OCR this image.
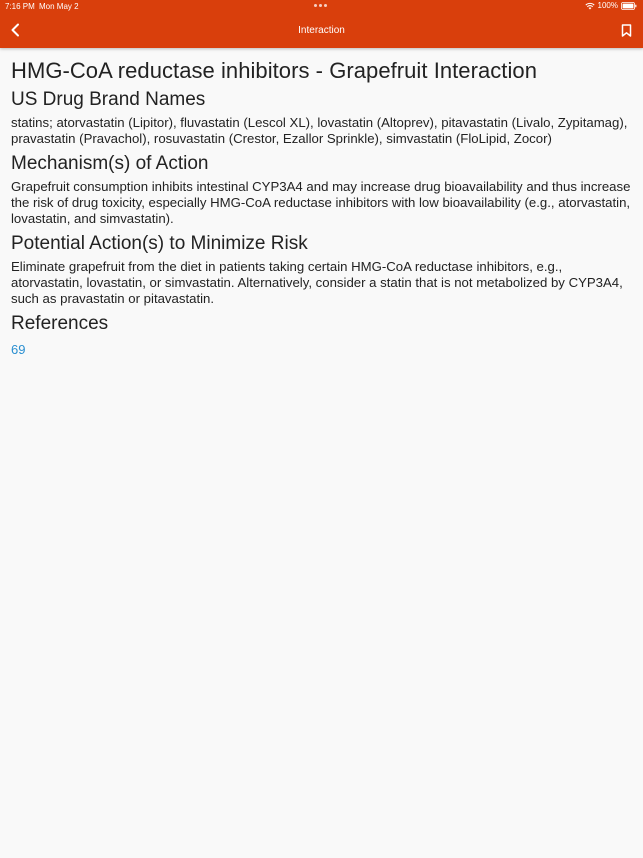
7:16 PM Mon May 2	100%
Interaction
HMG-CoA reductase inhibitors - Grapefruit Interaction
US Drug Brand Names

statins; atorvastatin (Lipitor), fluvastatin (Lescol XL), lovastatin (Altoprev), pitavastatin (Livalo, Zypitamag), pravastatin (Pravachol), rosuvastatin (Crestor, Ezallor Sprinkle), simvastatin (FloLipid, Zocor)

Mechanism(s) of Action

Grapefruit consumption inhibits intestinal CYP3A4 and may increase drug bioavailability and thus increase the risk of drug toxicity, especially HMG-CoA reductase inhibitors with low bioavailability (e.g., atorvastatin, lovastatin, and simvastatin).

Potential Action(s) to Minimize Risk

Eliminate grapefruit from the diet in patients taking certain HMG-CoA reductase inhibitors, e.g., atorvastatin, lovastatin, or simvastatin. Alternatively, consider a statin that is not metabolized by CYP3A4, such as pravastatin or pitavastatin.

References
69
